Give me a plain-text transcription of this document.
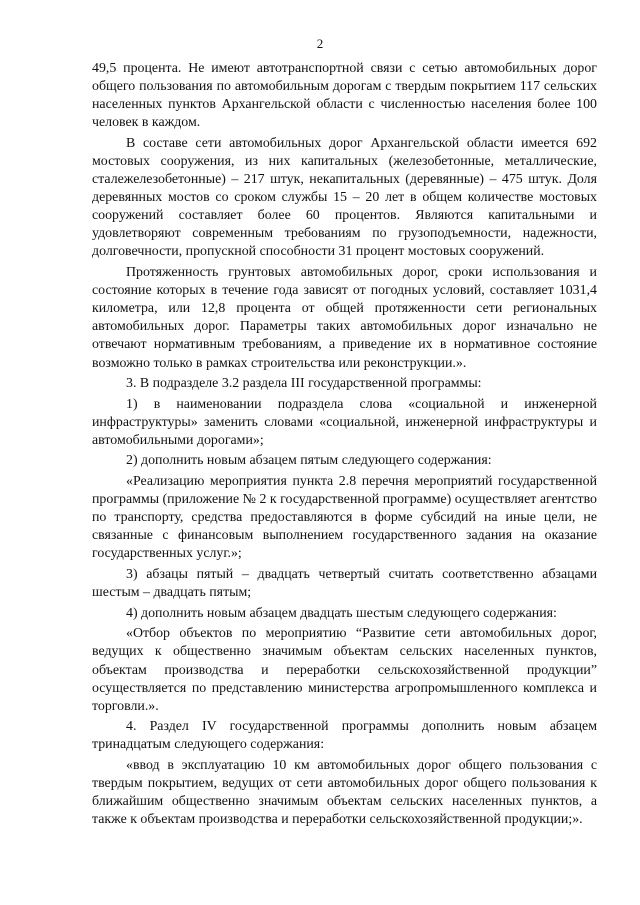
2

49,5 процента. Не имеют автотранспортной связи с сетью автомобильных дорог общего пользования по автомобильным дорогам с твердым покрытием 117 сельских населенных пунктов Архангельской области с численностью населения более 100 человек в каждом.

В составе сети автомобильных дорог Архангельской области имеется 692 мостовых сооружения, из них капитальных (железобетонные, металлические, сталежелезобетонные) – 217 штук, некапитальных (деревянные) – 475 штук. Доля деревянных мостов со сроком службы 15 – 20 лет в общем количестве мостовых сооружений составляет более 60 процентов. Являются капитальными и удовлетворяют современным требованиям по грузоподъемности, надежности, долговечности, пропускной способности 31 процент мостовых сооружений.

Протяженность грунтовых автомобильных дорог, сроки использования и состояние которых в течение года зависят от погодных условий, составляет 1031,4 километра, или 12,8 процента от общей протяженности сети региональных автомобильных дорог. Параметры таких автомобильных дорог изначально не отвечают нормативным требованиям, а приведение их в нормативное состояние возможно только в рамках строительства или реконструкции.».

3. В подразделе 3.2 раздела III государственной программы:

1) в наименовании подраздела слова «социальной и инженерной инфраструктуры» заменить словами «социальной, инженерной инфраструктуры и автомобильными дорогами»;

2) дополнить новым абзацем пятым следующего содержания:

«Реализацию мероприятия пункта 2.8 перечня мероприятий государственной программы (приложение № 2 к государственной программе) осуществляет агентство по транспорту, средства предоставляются в форме субсидий на иные цели, не связанные с финансовым выполнением государственного задания на оказание государственных услуг.»;

3) абзацы пятый – двадцать четвертый считать соответственно абзацами шестым – двадцать пятым;

4) дополнить новым абзацем двадцать шестым следующего содержания:

«Отбор объектов по мероприятию “Развитие сети автомобильных дорог, ведущих к общественно значимым объектам сельских населенных пунктов, объектам производства и переработки сельскохозяйственной продукции” осуществляется по представлению министерства агропромышленного комплекса и торговли.».

4. Раздел IV государственной программы дополнить новым абзацем тринадцатым следующего содержания:

«ввод в эксплуатацию 10 км автомобильных дорог общего пользования с твердым покрытием, ведущих от сети автомобильных дорог общего пользования к ближайшим общественно значимым объектам сельских населенных пунктов, а также к объектам производства и переработки сельскохозяйственной продукции;».
